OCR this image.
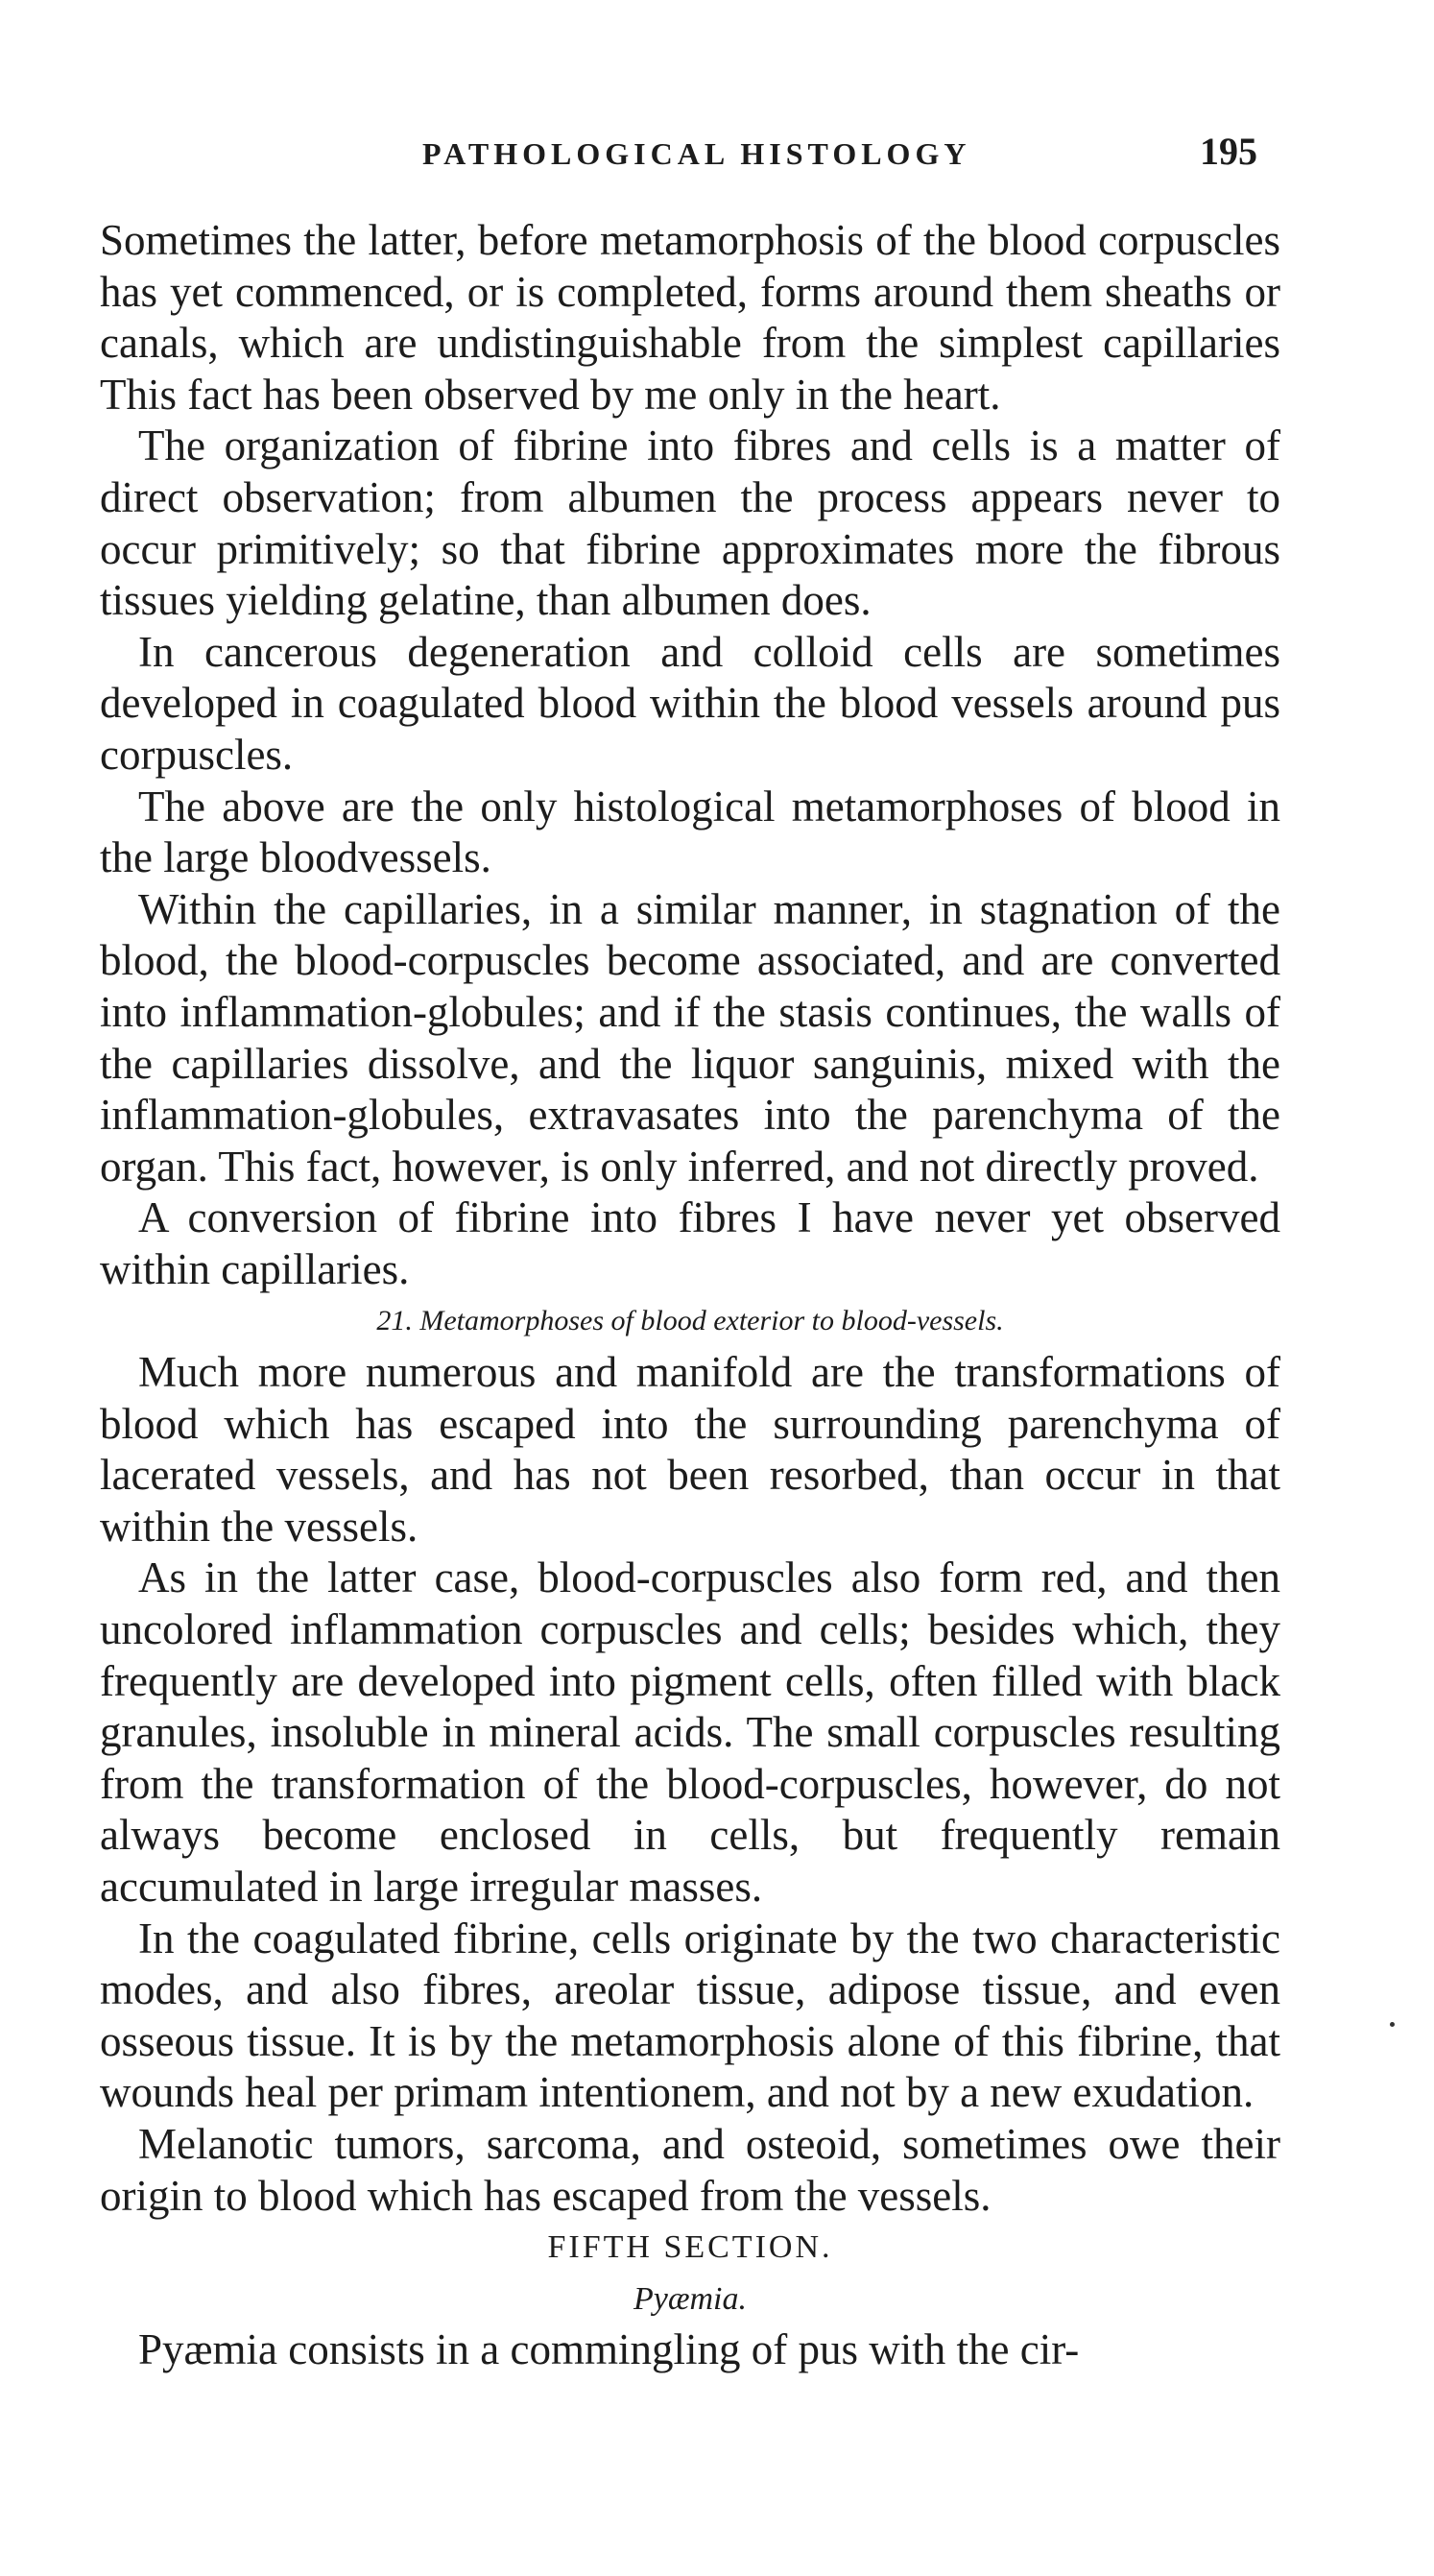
PATHOLOGICAL HISTOLOGY	195

Sometimes the latter, before metamorphosis of the blood corpuscles has yet commenced, or is completed, forms around them sheaths or canals, which are undistinguishable from the simplest capillaries This fact has been observed by me only in the heart.

The organization of fibrine into fibres and cells is a matter of direct observation; from albumen the process appears never to occur primitively; so that fibrine approximates more the fibrous tissues yielding gelatine, than albumen does.

In cancerous degeneration and colloid cells are sometimes developed in coagulated blood within the blood vessels around pus corpuscles.

The above are the only histological metamorphoses of blood in the large bloodvessels.

Within the capillaries, in a similar manner, in stagnation of the blood, the blood-corpuscles become associated, and are converted into inflammation-globules; and if the stasis continues, the walls of the capillaries dissolve, and the liquor sanguinis, mixed with the inflammation-globules, extravasates into the parenchyma of the organ. This fact, however, is only inferred, and not directly proved.

A conversion of fibrine into fibres I have never yet observed within capillaries.

21. Metamorphoses of blood exterior to blood-vessels.

Much more numerous and manifold are the transformations of blood which has escaped into the surrounding parenchyma of lacerated vessels, and has not been resorbed, than occur in that within the vessels.

As in the latter case, blood-corpuscles also form red, and then uncolored inflammation corpuscles and cells; besides which, they frequently are developed into pigment cells, often filled with black granules, insoluble in mineral acids. The small corpuscles resulting from the transformation of the blood-corpuscles, however, do not always become enclosed in cells, but frequently remain accumulated in large irregular masses.

In the coagulated fibrine, cells originate by the two characteristic modes, and also fibres, areolar tissue, adipose tissue, and even osseous tissue. It is by the metamorphosis alone of this fibrine, that wounds heal per primam intentionem, and not by a new exudation.

Melanotic tumors, sarcoma, and osteoid, sometimes owe their origin to blood which has escaped from the vessels.

FIFTH SECTION.
Pyæmia.

Pyæmia consists in a commingling of pus with the cir-
